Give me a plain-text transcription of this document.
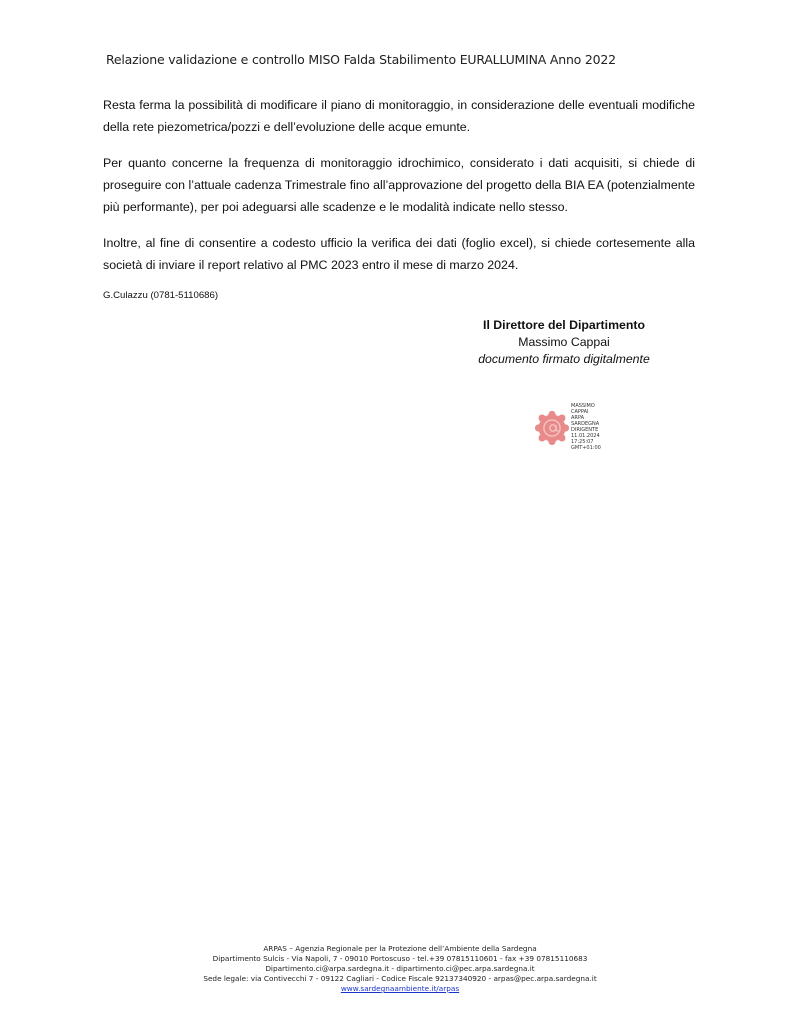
Relazione validazione e controllo MISO Falda Stabilimento EURALLUMINA Anno 2022

Resta ferma la possibilità di modificare il piano di monitoraggio, in considerazione delle eventuali modifiche della rete piezometrica/pozzi e dell’evoluzione delle acque emunte.

Per quanto concerne la frequenza di monitoraggio idrochimico, considerato i dati acquisiti, si chiede di proseguire con l’attuale cadenza Trimestrale fino all’approvazione del progetto della BIA EA (potenzialmente più performante), per poi adeguarsi alle scadenze e le modalità indicate nello stesso.

Inoltre, al fine di consentire a codesto ufficio la verifica dei dati (foglio excel), si chiede cortesemente alla società di inviare il report relativo al PMC 2023 entro il mese di marzo 2024.

G.Culazzu (0781-5110686)
Il Direttore del Dipartimento
Massimo Cappai
documento firmato digitalmente
MASSIMO
CAPPAI
ARPA
SARDEGNA
DIRIGENTE
11.01.2024
17:25:07
GMT+01:00
ARPAS – Agenzia Regionale per la Protezione dell’Ambiente della Sardegna
Dipartimento Sulcis - Via Napoli, 7 - 09010 Portoscuso - tel.+39 07815110601 - fax +39 07815110683
Dipartimento.ci@arpa.sardegna.it - dipartimento.ci@pec.arpa.sardegna.it
Sede legale: via Contivecchi 7 - 09122 Cagliari - Codice Fiscale 92137340920 - arpas@pec.arpa.sardegna.it
www.sardegnaambiente.it/arpas
